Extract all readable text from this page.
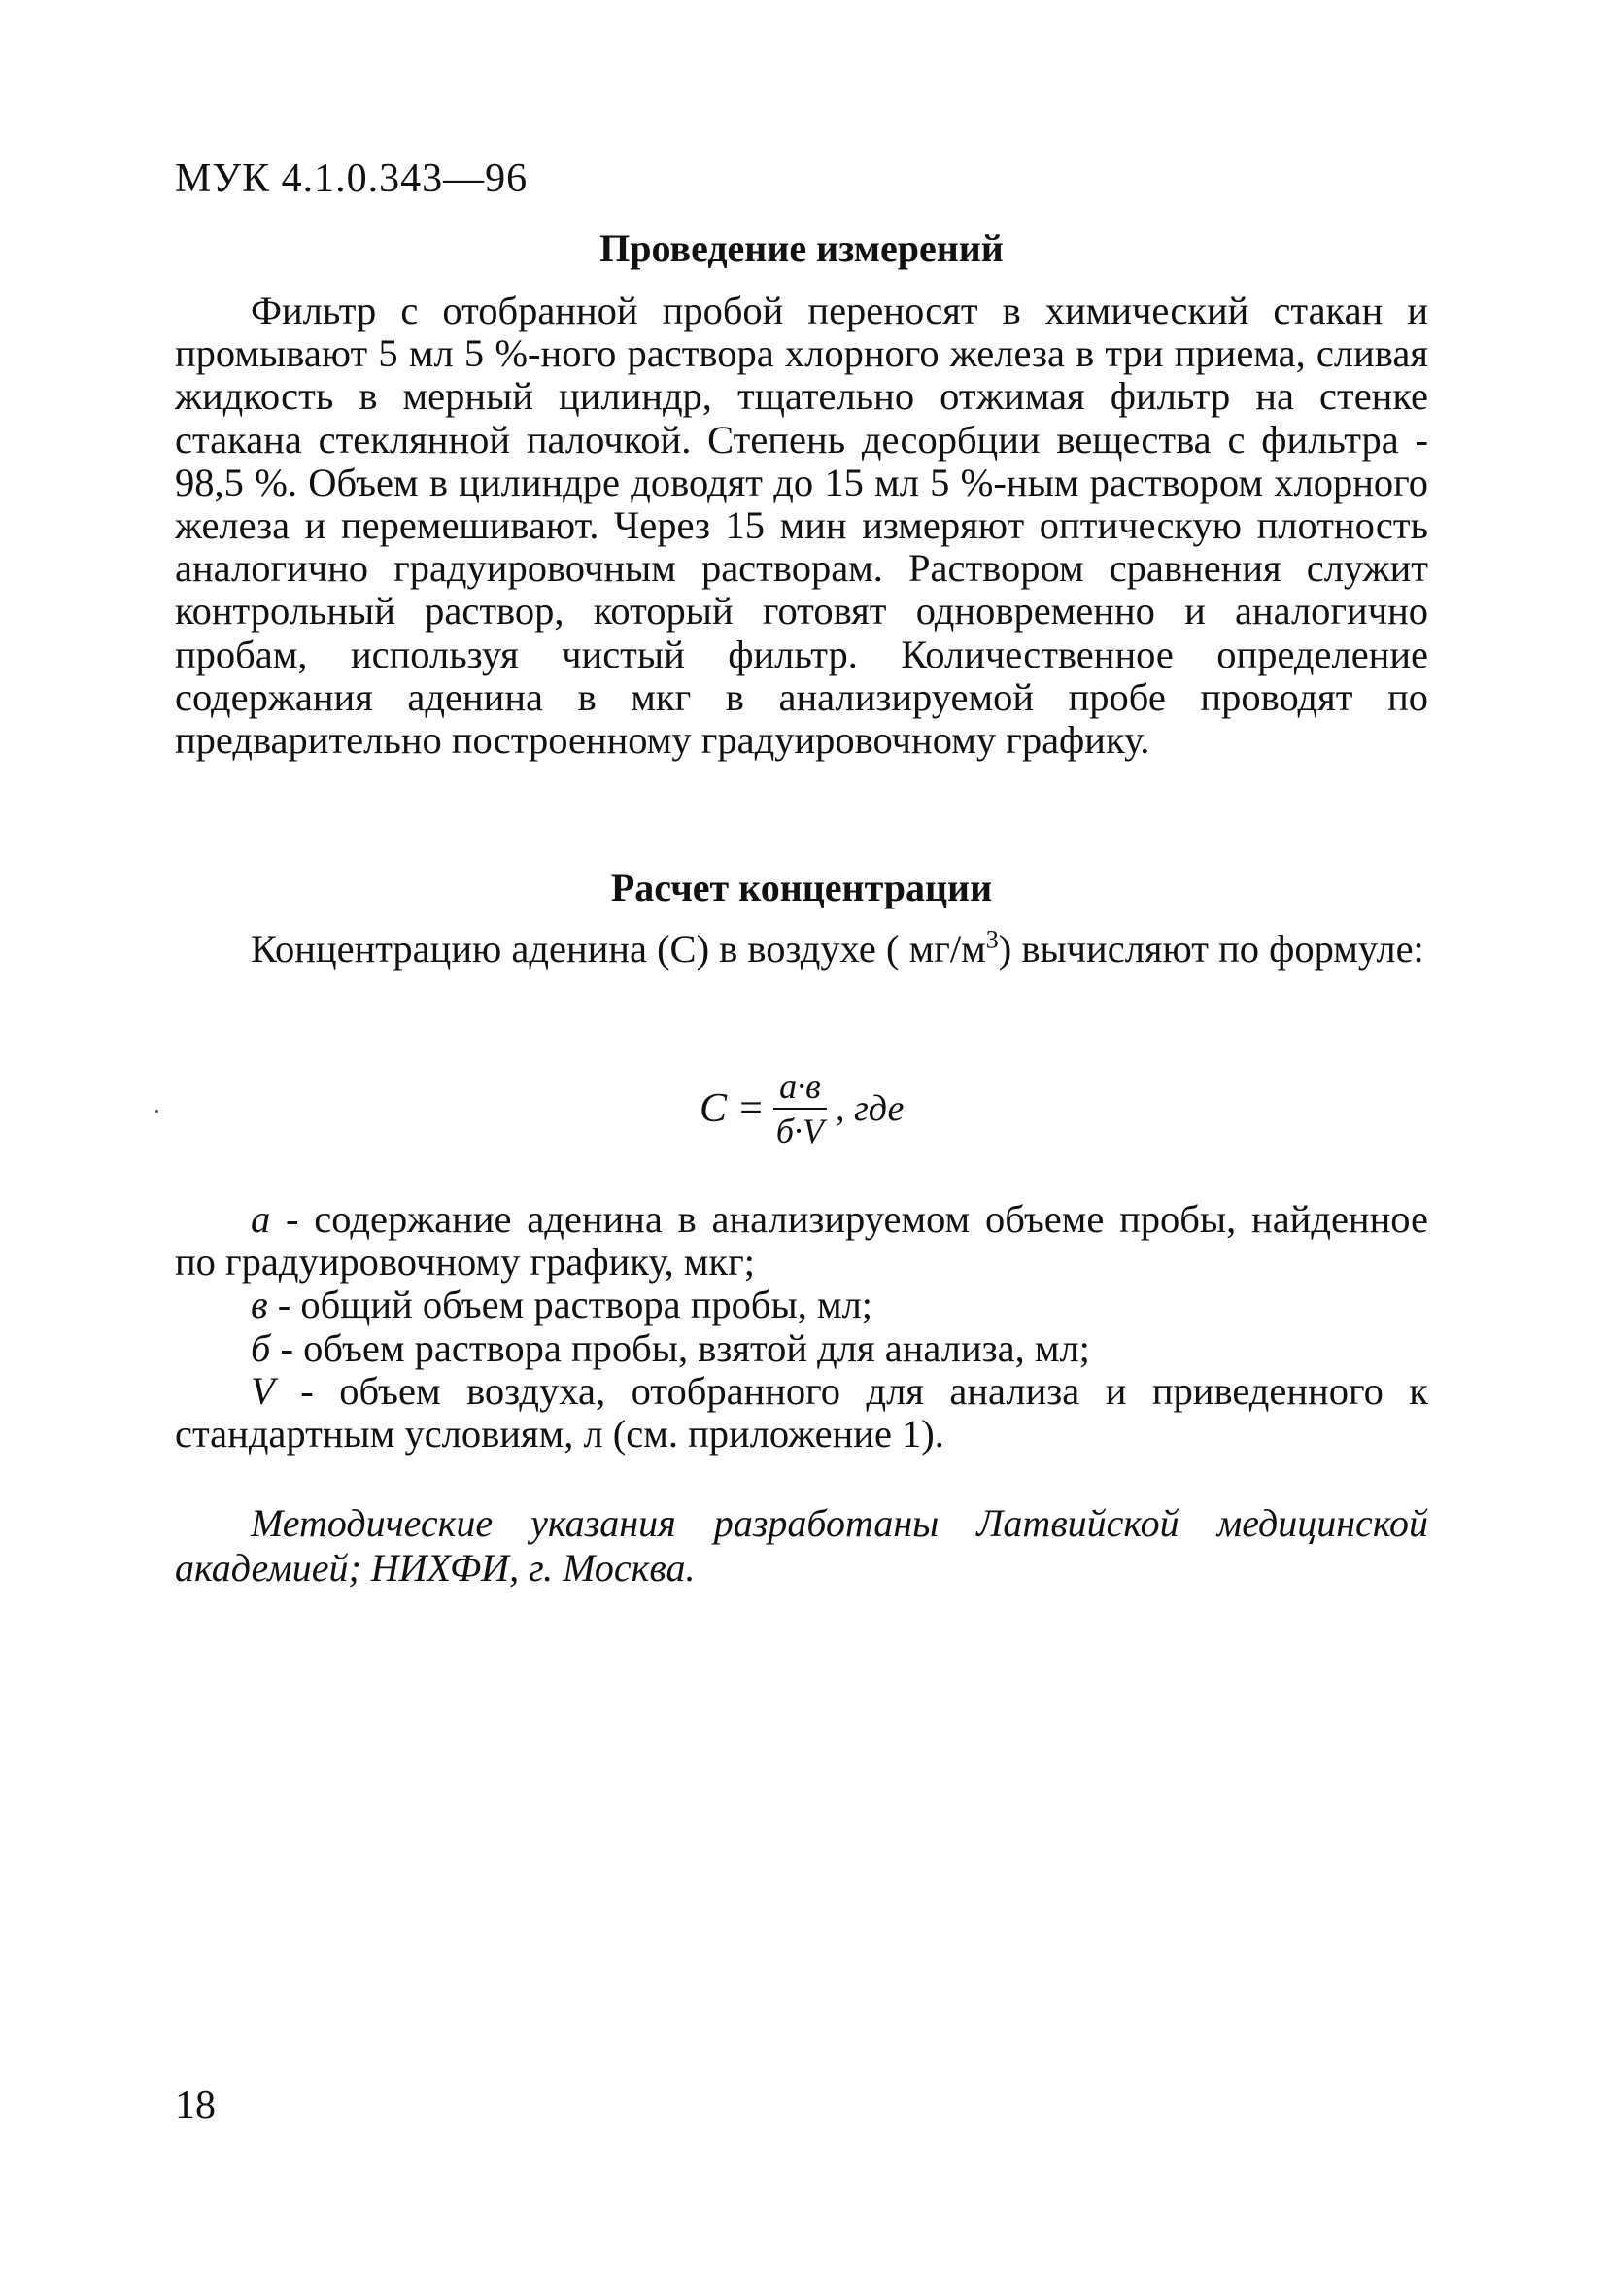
МУК 4.1.0.343—96
Проведение измерений

Фильтр с отобранной пробой переносят в химический стакан и промывают 5 мл 5 %-ного раствора хлорного железа в три приема, сливая жидкость в мерный цилиндр, тщательно отжимая фильтр на стенке стакана стеклянной палочкой. Степень десорбции вещества с фильтра - 98,5 %. Объем в цилиндре доводят до 15 мл 5 %-ным раствором хлорного железа и перемешивают. Через 15 мин измеряют оптическую плотность аналогично градуировочным растворам. Раствором сравнения служит контрольный раствор, который готовят одновременно и аналогично пробам, используя чистый фильтр. Количественное определение содержания аденина в мкг в анализируемой пробе проводят по предварительно построенному градуировочному графику.

Расчет концентрации

Концентрацию аденина (С) в воздухе ( $мг/м^3$) вычисляют по формуле:

$C = \frac{а\cdot в}{б\cdot V}$ , где

а - содержание аденина в анализируемом объеме пробы, найденное по градуировочному графику, мкг;

в - общий объем раствора пробы, мл;

б - объем раствора пробы, взятой для анализа, мл;

V - объем воздуха, отобранного для анализа и приведенного к стандартным условиям, л (см. приложение 1).

Методические указания разработаны Латвийской медицинской академией; НИХФИ, г. Москва.

18
